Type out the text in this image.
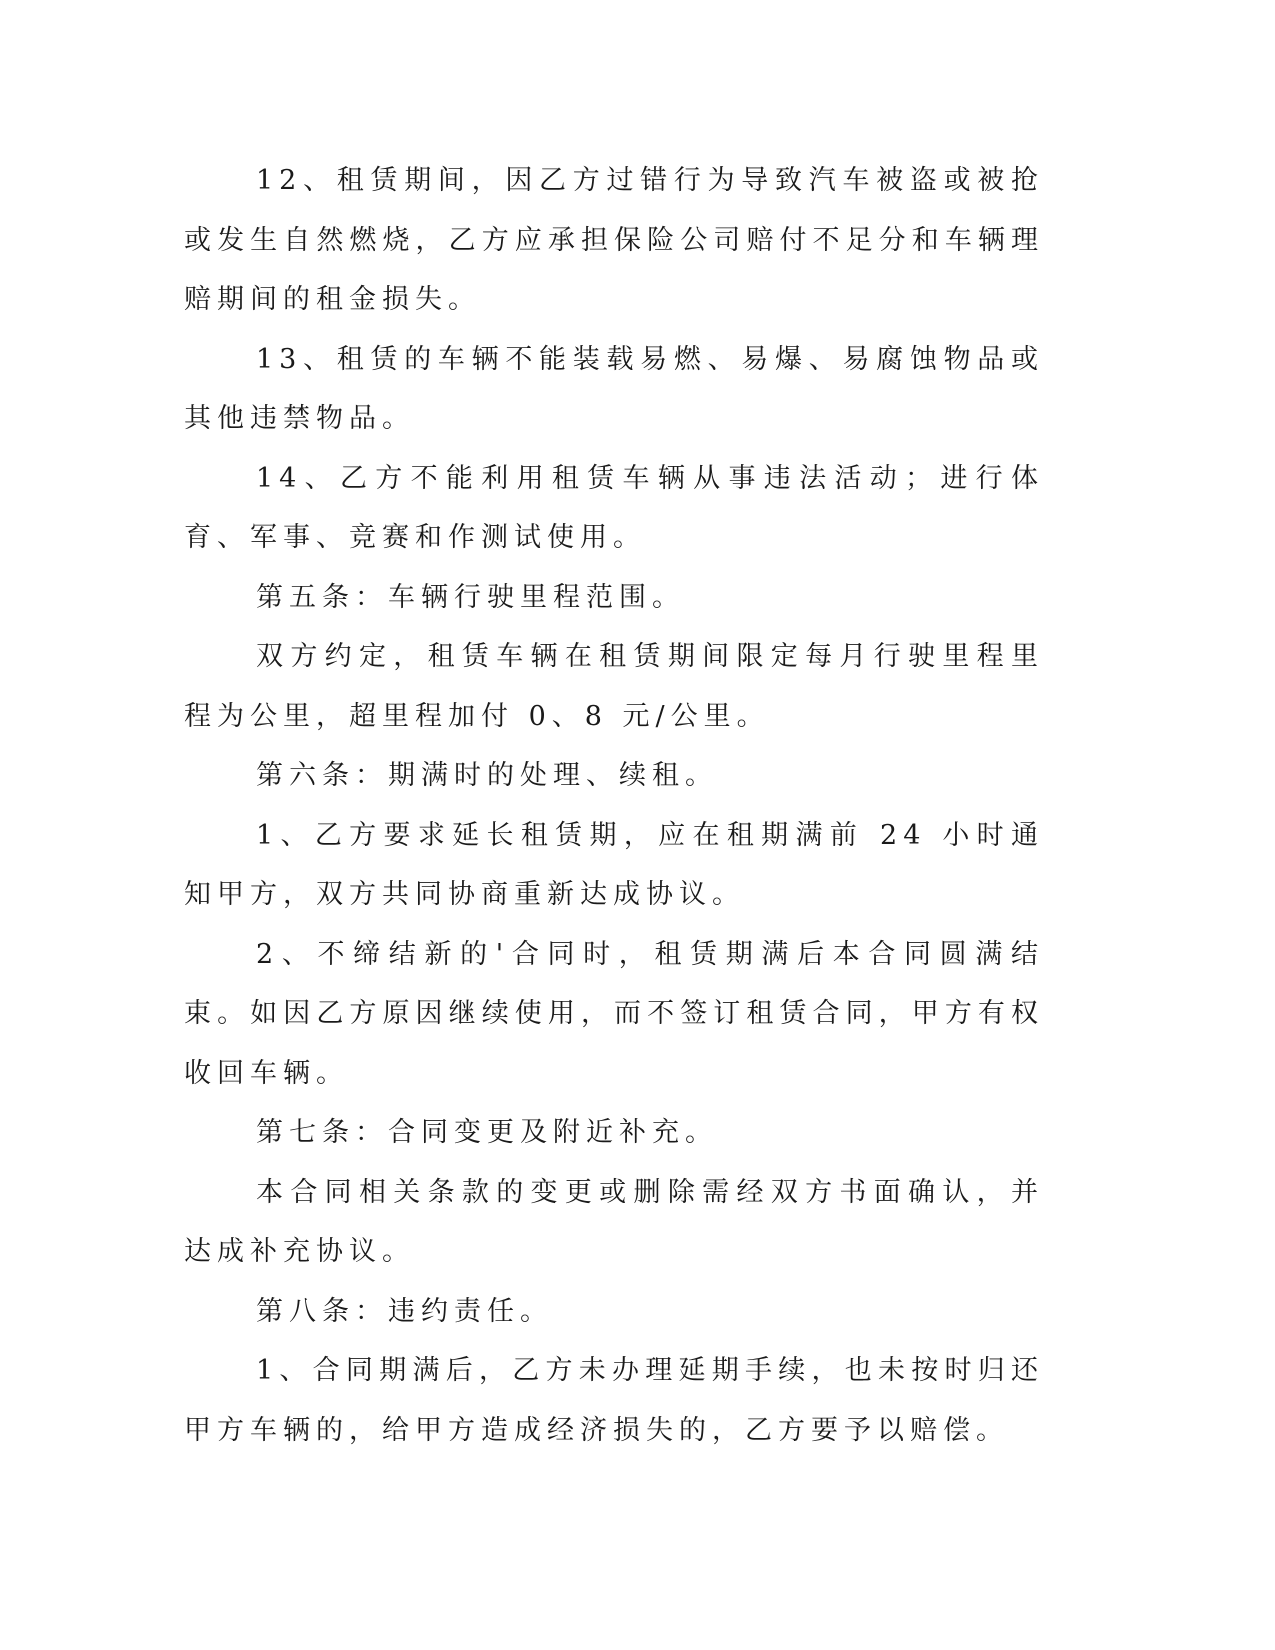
12、租赁期间，因乙方过错行为导致汽车被盗或被抢或发生自然燃烧，乙方应承担保险公司赔付不足分和车辆理赔期间的租金损失。

13、租赁的车辆不能装载易燃、易爆、易腐蚀物品或其他违禁物品。

14、乙方不能利用租赁车辆从事违法活动；进行体育、军事、竞赛和作测试使用。

第五条：车辆行驶里程范围。

双方约定，租赁车辆在租赁期间限定每月行驶里程里程为公里，超里程加付 0、8 元/公里。

第六条：期满时的处理、续租。

1、乙方要求延长租赁期，应在租期满前 24 小时通知甲方，双方共同协商重新达成协议。

2、不缔结新的'合同时，租赁期满后本合同圆满结束。如因乙方原因继续使用，而不签订租赁合同，甲方有权收回车辆。

第七条：合同变更及附近补充。

本合同相关条款的变更或删除需经双方书面确认，并达成补充协议。

第八条：违约责任。

1、合同期满后，乙方未办理延期手续，也未按时归还甲方车辆的，给甲方造成经济损失的，乙方要予以赔偿。
